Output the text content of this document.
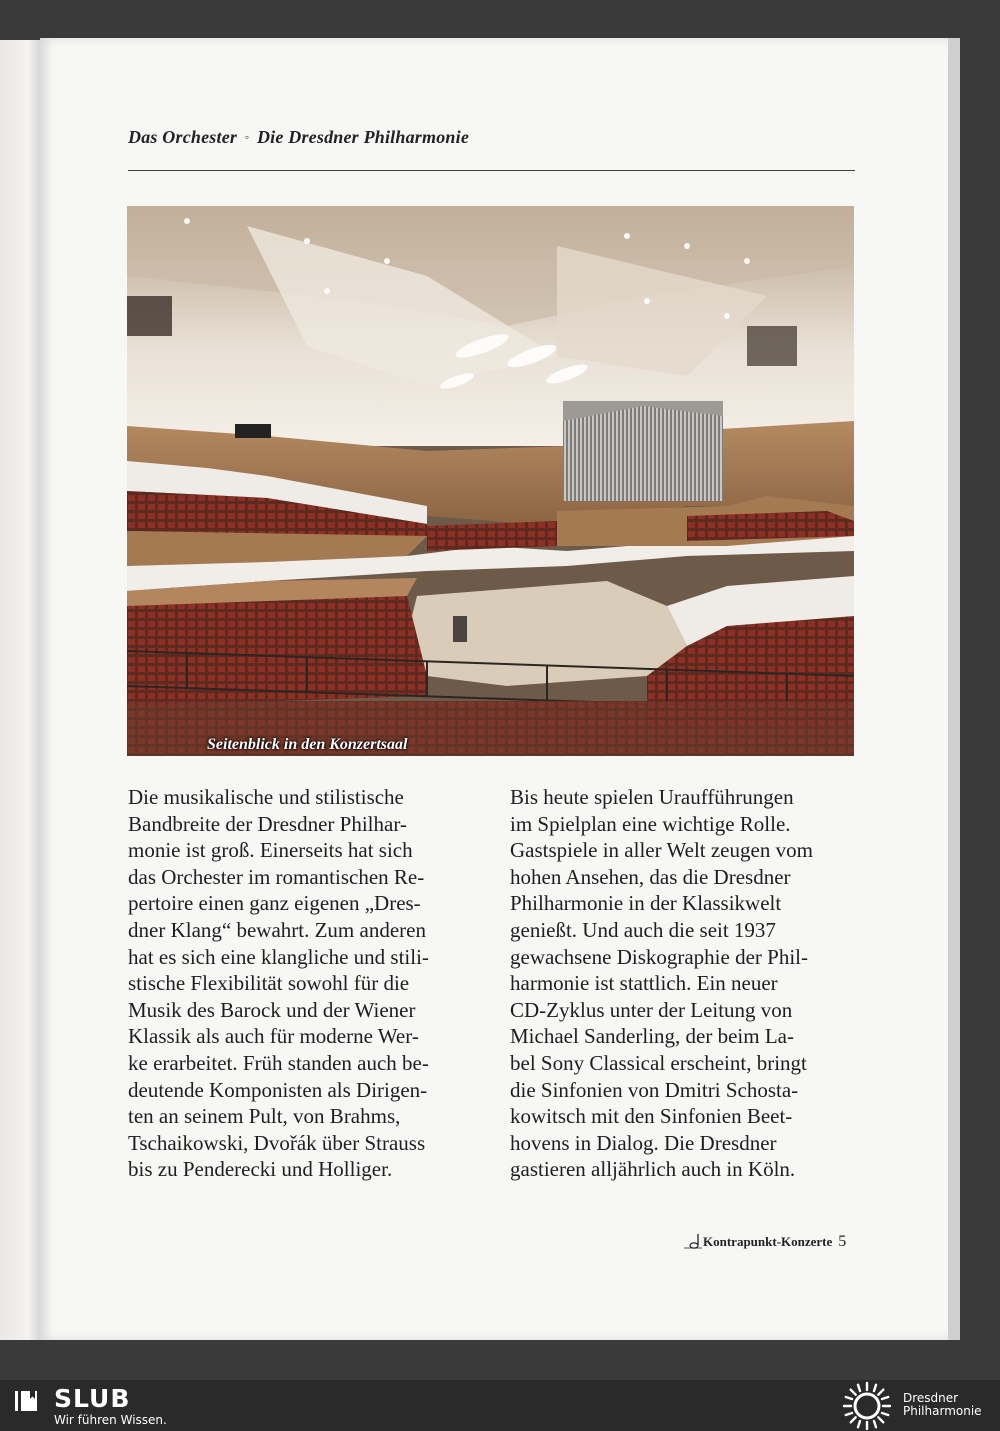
Das Orchester ◦ Die Dresdner Philharmonie
Seitenblick in den Konzertsaal
Die musikalische und stilistische
Bandbreite der Dresdner Philhar-
monie ist groß. Einerseits hat sich
das Orchester im romantischen Re-
pertoire einen ganz eigenen „Dres-
dner Klang“ bewahrt. Zum anderen
hat es sich eine klangliche und stili-
stische Flexibilität sowohl für die
Musik des Barock und der Wiener
Klassik als auch für moderne Wer-
ke erarbeitet. Früh standen auch be-
deutende Komponisten als Dirigen-
ten an seinem Pult, von Brahms,
Tschaikowski, Dvořák über Strauss
bis zu Penderecki und Holliger.
Bis heute spielen Uraufführungen
im Spielplan eine wichtige Rolle.
Gastspiele in aller Welt zeugen vom
hohen Ansehen, das die Dresdner
Philharmonie in der Klassikwelt
genießt. Und auch die seit 1937
gewachsene Diskographie der Phil-
harmonie ist stattlich. Ein neuer
CD-Zyklus unter der Leitung von
Michael Sanderling, der beim La-
bel Sony Classical erscheint, bringt
die Sinfonien von Dmitri Schosta-
kowitsch mit den Sinfonien Beet-
hovens in Dialog. Die Dresdner
gastieren alljährlich auch in Köln.
Kontrapunkt-Konzerte 5
SLUB
Wir führen Wissen.
Dresdner
Philharmonie
